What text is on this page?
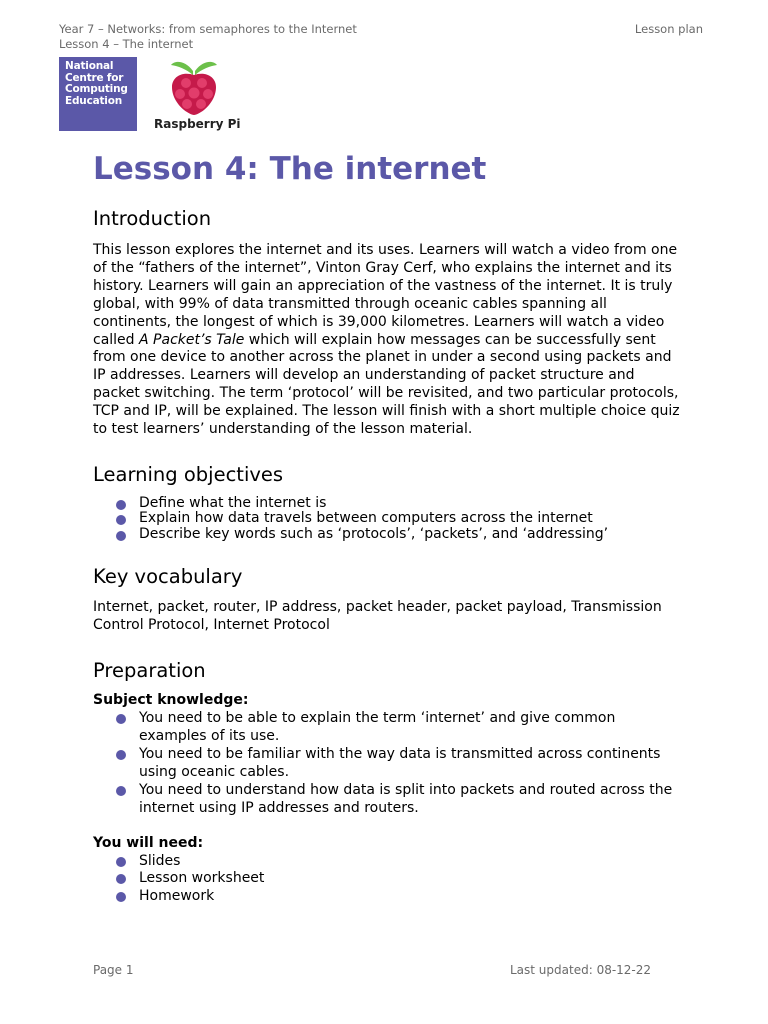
Year 7 – Networks: from semaphores to the Internet
Lesson 4 – The internet
Lesson plan
National Centre for Computing Education
Raspberry Pi
Lesson 4: The internet
Introduction

This lesson explores the internet and its uses. Learners will watch a video from one of the “fathers of the internet”, Vinton Gray Cerf, who explains the internet and its history. Learners will gain an appreciation of the vastness of the internet. It is truly global, with 99% of data transmitted through oceanic cables spanning all continents, the longest of which is 39,000 kilometres. Learners will watch a video called A Packet’s Tale which will explain how messages can be successfully sent from one device to another across the planet in under a second using packets and IP addresses. Learners will develop an understanding of packet structure and packet switching. The term ‘protocol’ will be revisited, and two particular protocols, TCP and IP, will be explained. The lesson will finish with a short multiple choice quiz to test learners’ understanding of the lesson material.

Learning objectives
Define what the internet is
Explain how data travels between computers across the internet
Describe key words such as ‘protocols’, ‘packets’, and ‘addressing’
Key vocabulary

Internet, packet, router, IP address, packet header, packet payload, Transmission Control Protocol, Internet Protocol

Preparation
Subject knowledge:
You need to be able to explain the term ‘internet’ and give common examples of its use.
You need to be familiar with the way data is transmitted across continents using oceanic cables.
You need to understand how data is split into packets and routed across the internet using IP addresses and routers.
You will need:
Slides
Lesson worksheet
Homework
Page 1	Last updated: 08-12-22
